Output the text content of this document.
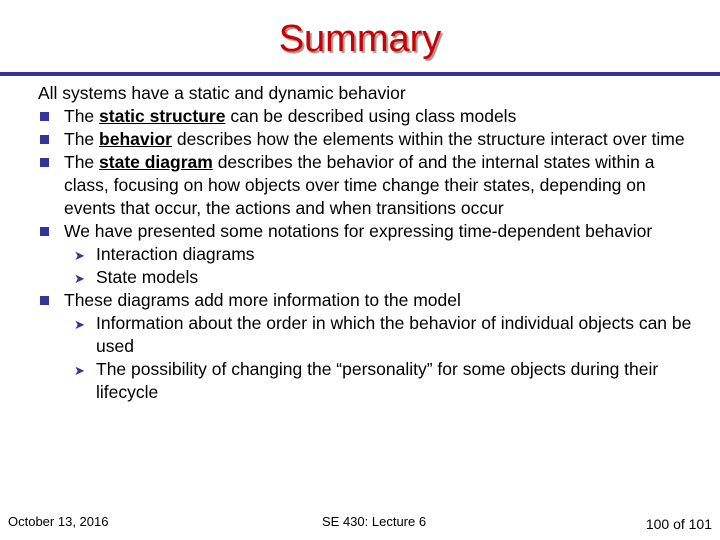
Summary

All systems have a static and dynamic behavior

The static structure can be described using class models
The behavior describes how the elements within the structure interact over time
The state diagram describes the behavior of and the internal states within a class, focusing on how objects over time change their states, depending on events that occur, the actions and when transitions occur
We have presented some notations for expressing time-dependent behavior
➤ Interaction diagrams
➤ State models
These diagrams add more information to the model
➤ Information about the order in which the behavior of individual objects can be used
➤ The possibility of changing the “personality” for some objects during their lifecycle
October 13, 2016	SE 430: Lecture 6	100 of 101
